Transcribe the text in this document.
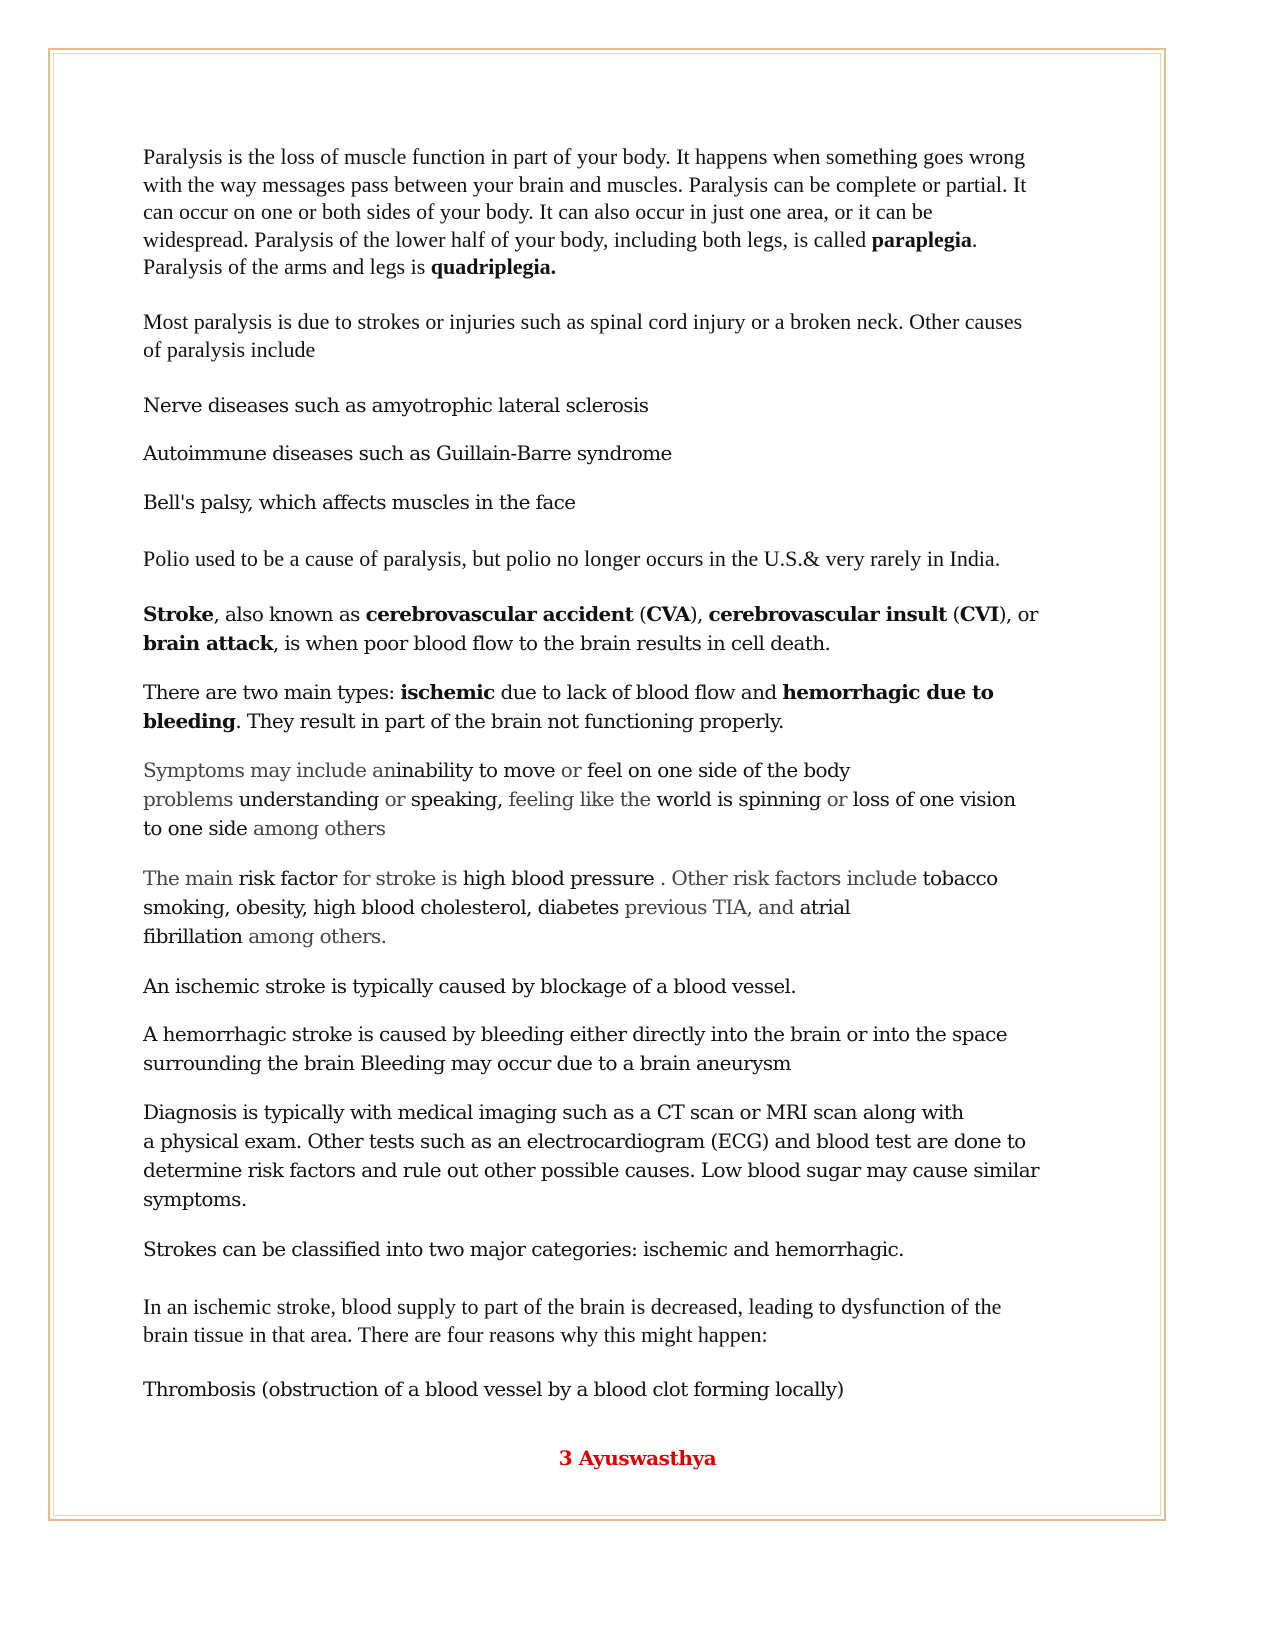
Paralysis is the loss of muscle function in part of your body. It happens when something goes wrong with the way messages pass between your brain and muscles. Paralysis can be complete or partial. It can occur on one or both sides of your body. It can also occur in just one area, or it can be widespread. Paralysis of the lower half of your body, including both legs, is called paraplegia. Paralysis of the arms and legs is quadriplegia.

Most paralysis is due to strokes or injuries such as spinal cord injury or a broken neck. Other causes of paralysis include

Nerve diseases such as amyotrophic lateral sclerosis

Autoimmune diseases such as Guillain-Barre syndrome

Bell's palsy, which affects muscles in the face

Polio used to be a cause of paralysis, but polio no longer occurs in the U.S.& very rarely in India.

Stroke, also known as cerebrovascular accident (CVA), cerebrovascular insult (CVI), or brain attack, is when poor blood flow to the brain results in cell death.

There are two main types: ischemic due to lack of blood flow and hemorrhagic due to bleeding. They result in part of the brain not functioning properly.

Symptoms may include aninability to move or feel on one side of the body
problems understanding or speaking, feeling like the world is spinning or loss of one vision to one side among others

The main risk factor for stroke is high blood pressure . Other risk factors include tobacco smoking, obesity, high blood cholesterol, diabetes previous TIA, and atrial
fibrillation among others.

An ischemic stroke is typically caused by blockage of a blood vessel.

A hemorrhagic stroke is caused by bleeding either directly into the brain or into the space
surrounding the brain Bleeding may occur due to a brain aneurysm

Diagnosis is typically with medical imaging such as a CT scan or MRI scan along with
a physical exam. Other tests such as an electrocardiogram (ECG) and blood test are done to determine risk factors and rule out other possible causes. Low blood sugar may cause similar symptoms.

Strokes can be classified into two major categories: ischemic and hemorrhagic.

In an ischemic stroke, blood supply to part of the brain is decreased, leading to dysfunction of the brain tissue in that area. There are four reasons why this might happen:

Thrombosis (obstruction of a blood vessel by a blood clot forming locally)

3 Ayuswasthya
